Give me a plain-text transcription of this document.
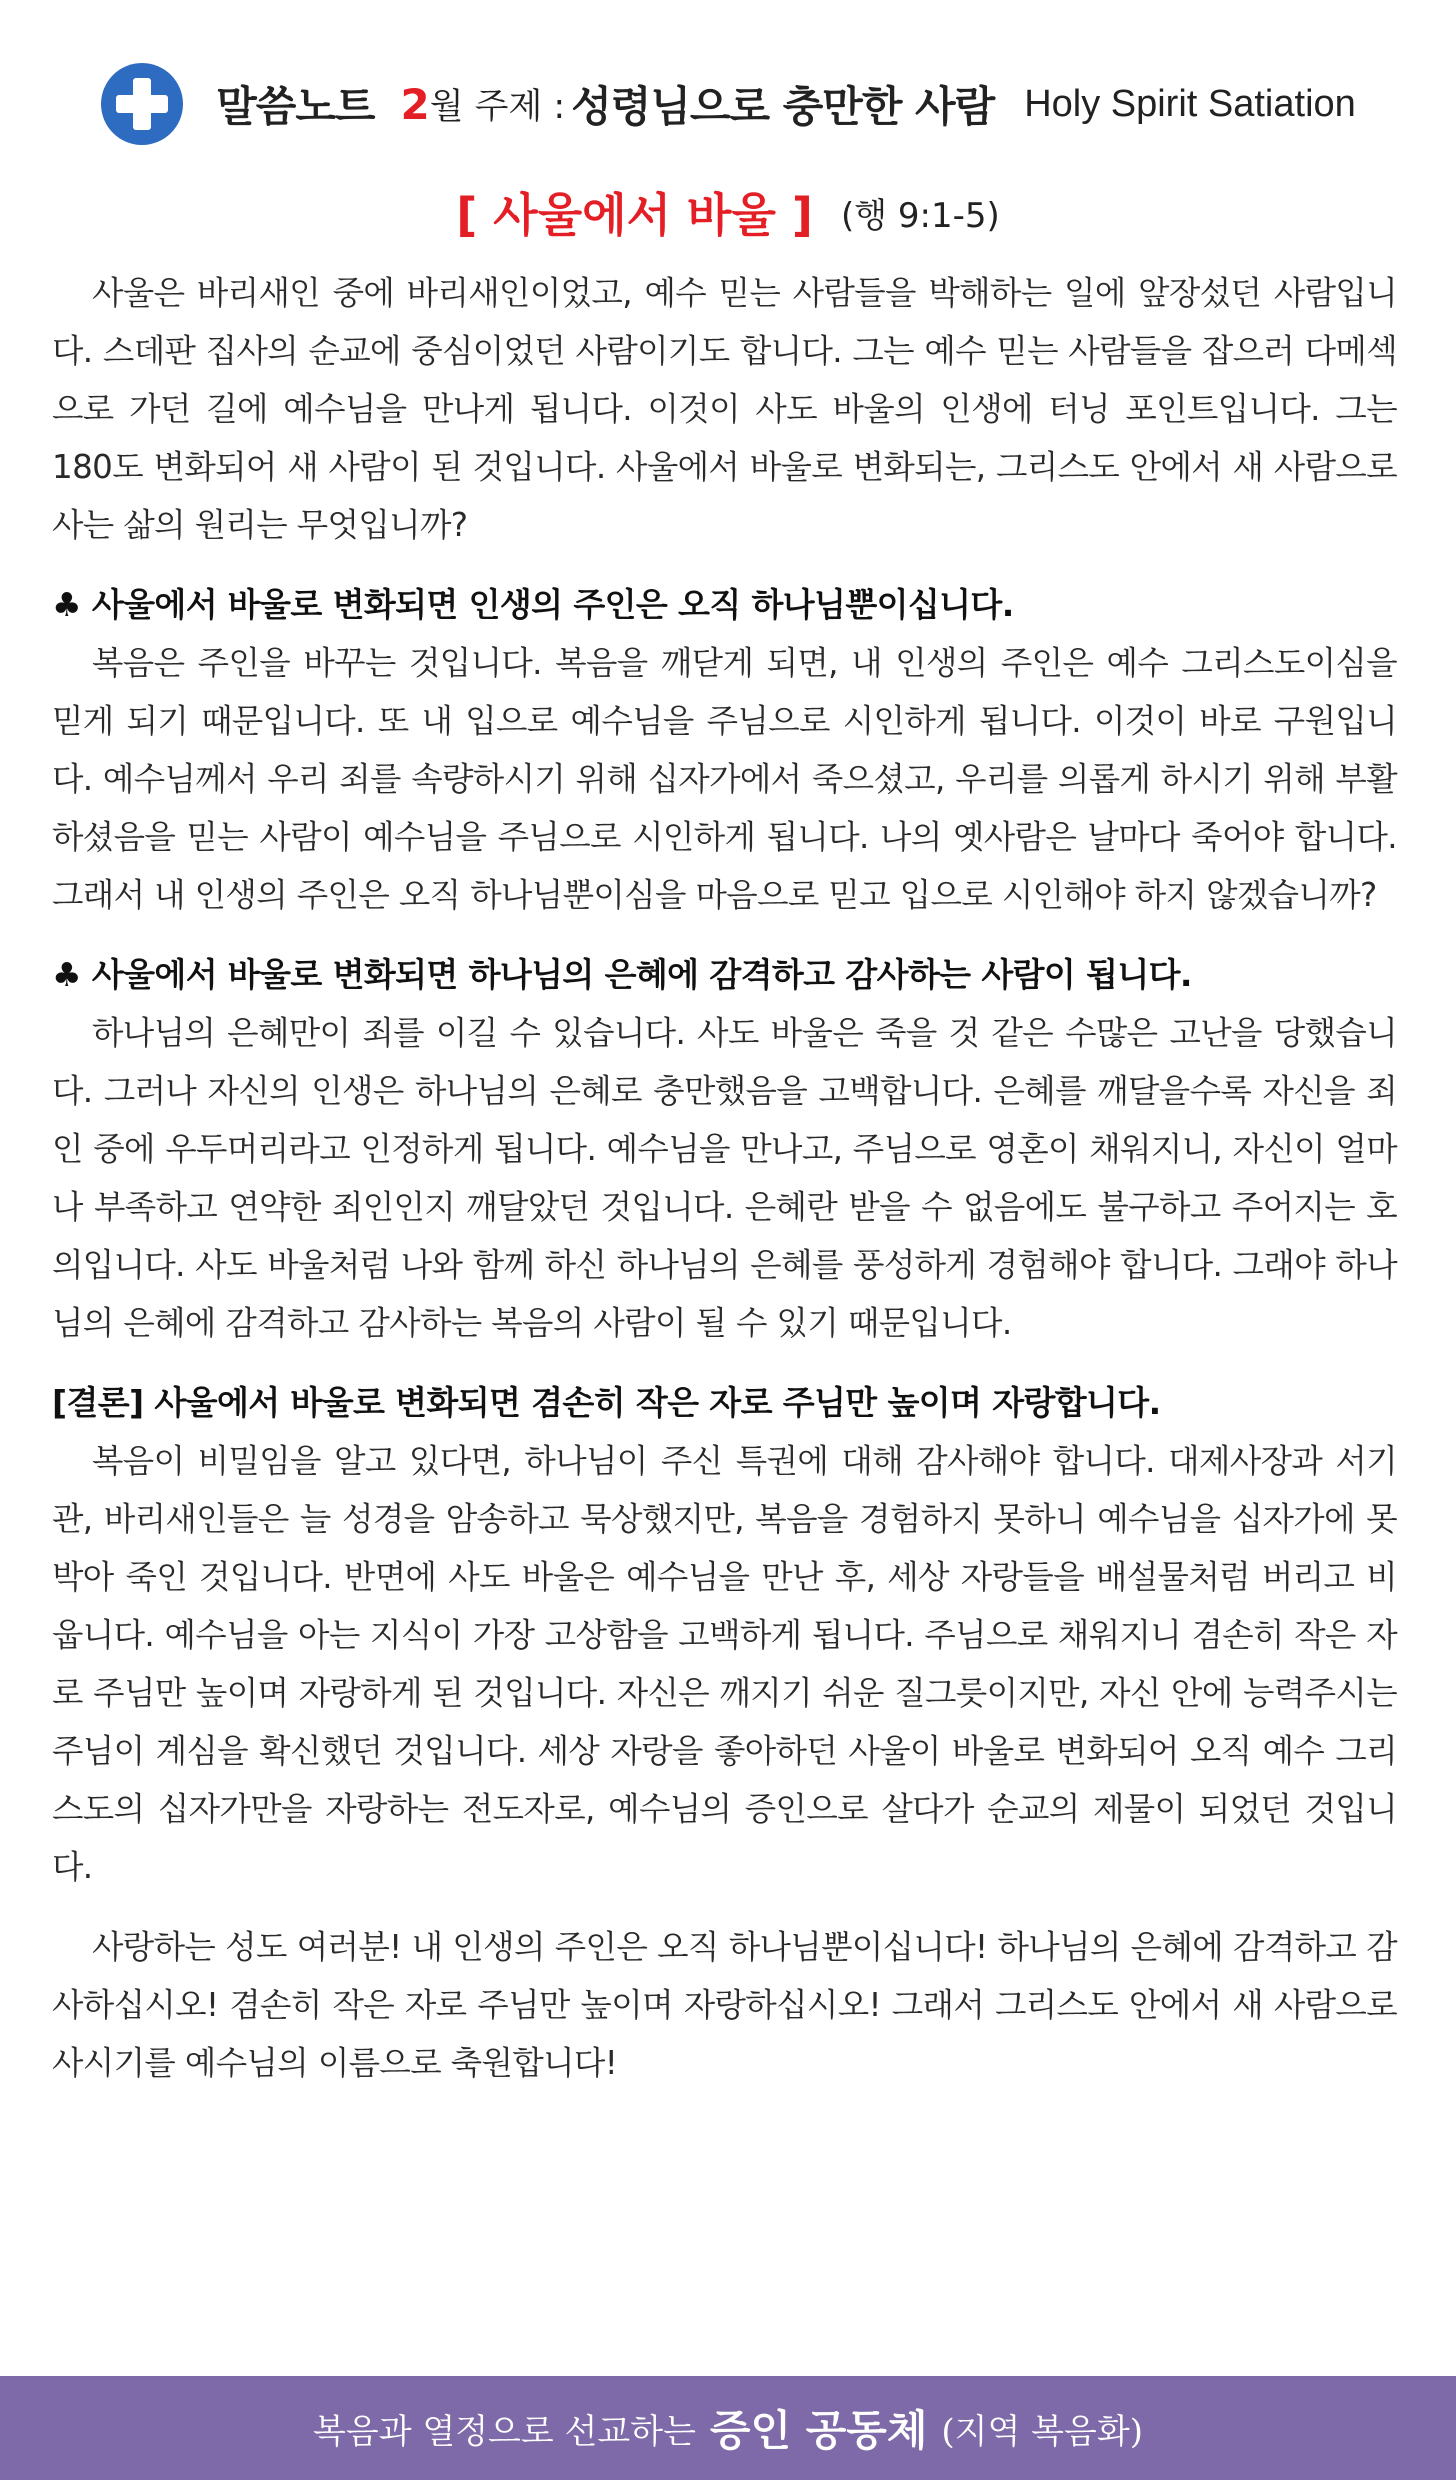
말씀노트 2 월 주제 : 성령님으로 충만한 사람 Holy Spirit Satiation
[ 사울에서 바울 ] (행 9:1-5)

사울은 바리새인 중에 바리새인이었고, 예수 믿는 사람들을 박해하는 일에 앞장섰던 사람입니다. 스데판 집사의 순교에 중심이었던 사람이기도 합니다. 그는 예수 믿는 사람들을 잡으러 다메섹으로 가던 길에 예수님을 만나게 됩니다. 이것이 사도 바울의 인생에 터닝 포인트입니다. 그는 180도 변화되어 새 사람이 된 것입니다. 사울에서 바울로 변화되는, 그리스도 안에서 새 사람으로 사는 삶의 원리는 무엇입니까?

♣ 사울에서 바울로 변화되면 인생의 주인은 오직 하나님뿐이십니다.

복음은 주인을 바꾸는 것입니다. 복음을 깨닫게 되면, 내 인생의 주인은 예수 그리스도이심을 믿게 되기 때문입니다. 또 내 입으로 예수님을 주님으로 시인하게 됩니다. 이것이 바로 구원입니다. 예수님께서 우리 죄를 속량하시기 위해 십자가에서 죽으셨고, 우리를 의롭게 하시기 위해 부활하셨음을 믿는 사람이 예수님을 주님으로 시인하게 됩니다. 나의 옛사람은 날마다 죽어야 합니다. 그래서 내 인생의 주인은 오직 하나님뿐이심을 마음으로 믿고 입으로 시인해야 하지 않겠습니까?

♣ 사울에서 바울로 변화되면 하나님의 은혜에 감격하고 감사하는 사람이 됩니다.

하나님의 은혜만이 죄를 이길 수 있습니다. 사도 바울은 죽을 것 같은 수많은 고난을 당했습니다. 그러나 자신의 인생은 하나님의 은혜로 충만했음을 고백합니다. 은혜를 깨달을수록 자신을 죄인 중에 우두머리라고 인정하게 됩니다. 예수님을 만나고, 주님으로 영혼이 채워지니, 자신이 얼마나 부족하고 연약한 죄인인지 깨달았던 것입니다. 은혜란 받을 수 없음에도 불구하고 주어지는 호의입니다. 사도 바울처럼 나와 함께 하신 하나님의 은혜를 풍성하게 경험해야 합니다. 그래야 하나님의 은혜에 감격하고 감사하는 복음의 사람이 될 수 있기 때문입니다.

[결론] 사울에서 바울로 변화되면 겸손히 작은 자로 주님만 높이며 자랑합니다.

복음이 비밀임을 알고 있다면, 하나님이 주신 특권에 대해 감사해야 합니다. 대제사장과 서기관, 바리새인들은 늘 성경을 암송하고 묵상했지만, 복음을 경험하지 못하니 예수님을 십자가에 못 박아 죽인 것입니다. 반면에 사도 바울은 예수님을 만난 후, 세상 자랑들을 배설물처럼 버리고 비웁니다. 예수님을 아는 지식이 가장 고상함을 고백하게 됩니다. 주님으로 채워지니 겸손히 작은 자로 주님만 높이며 자랑하게 된 것입니다. 자신은 깨지기 쉬운 질그릇이지만, 자신 안에 능력주시는 주님이 계심을 확신했던 것입니다. 세상 자랑을 좋아하던 사울이 바울로 변화되어 오직 예수 그리스도의 십자가만을 자랑하는 전도자로, 예수님의 증인으로 살다가 순교의 제물이 되었던 것입니다.

사랑하는 성도 여러분! 내 인생의 주인은 오직 하나님뿐이십니다! 하나님의 은혜에 감격하고 감사하십시오! 겸손히 작은 자로 주님만 높이며 자랑하십시오! 그래서 그리스도 안에서 새 사람으로 사시기를 예수님의 이름으로 축원합니다!

복음과 열정으로 선교하는 증인 공동체 (지역 복음화)
